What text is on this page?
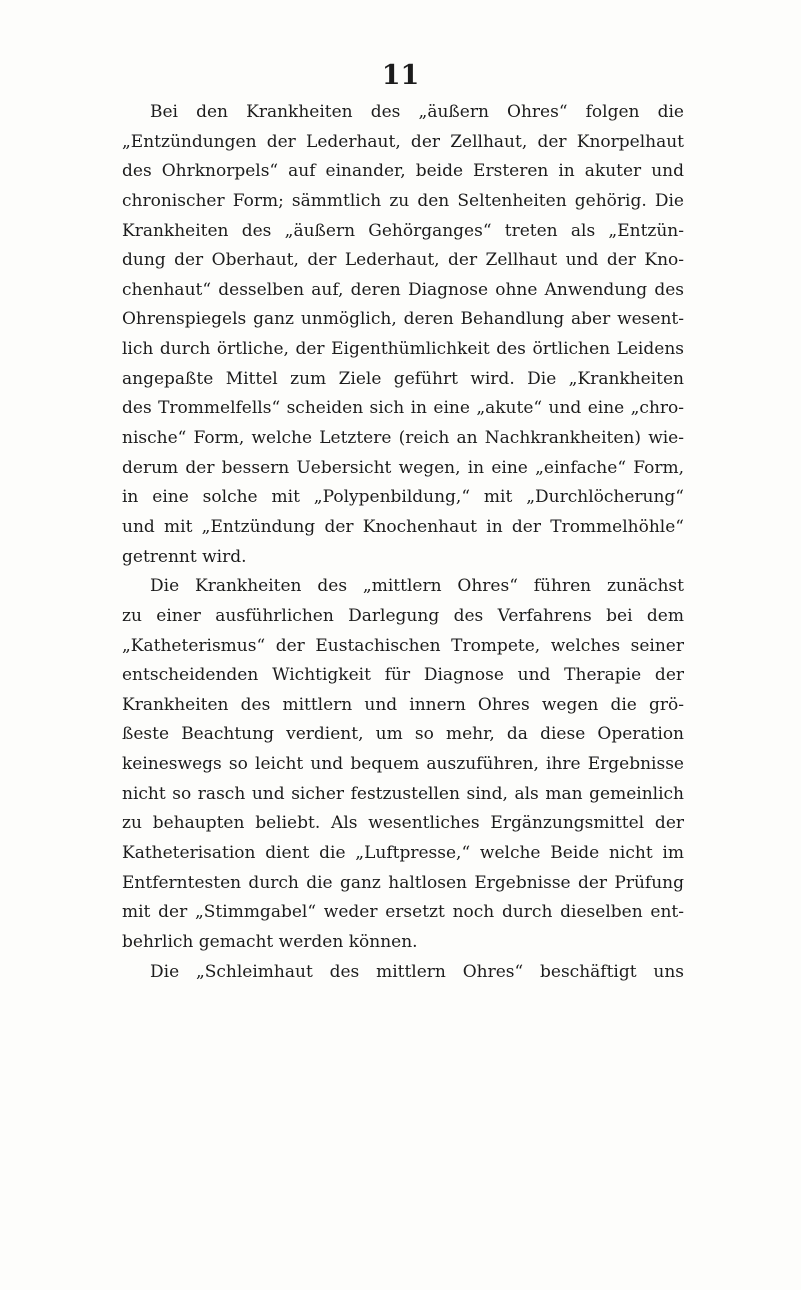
11
Bei den Krankheiten des „äußern Ohres“ folgen die
„Entzündungen der Lederhaut, der Zellhaut, der Knorpelhaut
des Ohrknorpels“ auf einander, beide Ersteren in akuter und
chronischer Form; sämmtlich zu den Seltenheiten gehörig. Die
Krankheiten des „äußern Gehörganges“ treten als „Entzün-
dung der Oberhaut, der Lederhaut, der Zellhaut und der Kno-
chenhaut“ desselben auf, deren Diagnose ohne Anwendung des
Ohrenspiegels ganz unmöglich, deren Behandlung aber wesent-
lich durch örtliche, der Eigenthümlichkeit des örtlichen Leidens
angepaßte Mittel zum Ziele geführt wird. Die „Krankheiten
des Trommelfells“ scheiden sich in eine „akute“ und eine „chro-
nische“ Form, welche Letztere (reich an Nachkrankheiten) wie-
derum der bessern Uebersicht wegen, in eine „einfache“ Form,
in eine solche mit „Polypenbildung,“ mit „Durchlöcherung“
und mit „Entzündung der Knochenhaut in der Trommelhöhle“
getrennt wird.
Die Krankheiten des „mittlern Ohres“ führen zunächst
zu einer ausführlichen Darlegung des Verfahrens bei dem
„Katheterismus“ der Eustachischen Trompete, welches seiner
entscheidenden Wichtigkeit für Diagnose und Therapie der
Krankheiten des mittlern und innern Ohres wegen die grö-
ßeste Beachtung verdient, um so mehr, da diese Operation
keineswegs so leicht und bequem auszuführen, ihre Ergebnisse
nicht so rasch und sicher festzustellen sind, als man gemeinlich
zu behaupten beliebt. Als wesentliches Ergänzungsmittel der
Katheterisation dient die „Luftpresse,“ welche Beide nicht im
Entferntesten durch die ganz haltlosen Ergebnisse der Prüfung
mit der „Stimmgabel“ weder ersetzt noch durch dieselben ent-
behrlich gemacht werden können.
Die „Schleimhaut des mittlern Ohres“ beschäftigt uns
